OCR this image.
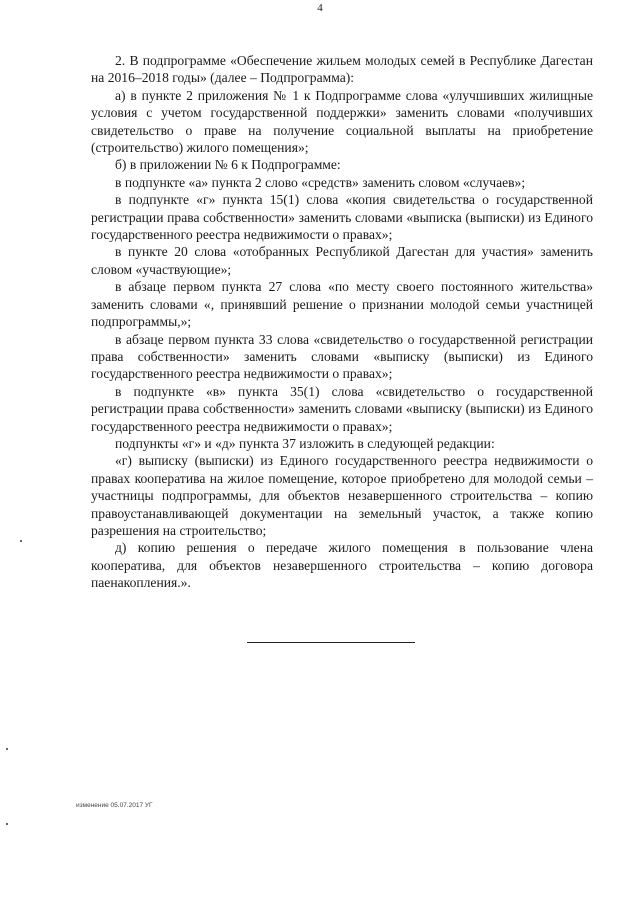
4

2. В подпрограмме «Обеспечение жильем молодых семей в Республике Дагестан на 2016–2018 годы» (далее – Подпрограмма):

а) в пункте 2 приложения № 1 к Подпрограмме слова «улучшивших жилищные условия с учетом государственной поддержки» заменить словами «получивших свидетельство о праве на получение социальной выплаты на приобретение (строительство) жилого помещения»;

б) в приложении № 6 к Подпрограмме:

в подпункте «а» пункта 2 слово «средств» заменить словом «случаев»;

в подпункте «г» пункта 15(1) слова «копия свидетельства о государственной регистрации права собственности» заменить словами «выписка (выписки) из Единого государственного реестра недвижимости о правах»;

в пункте 20 слова «отобранных Республикой Дагестан для участия» заменить словом «участвующие»;

в абзаце первом пункта 27 слова «по месту своего постоянного жительства» заменить словами «, принявший решение о признании молодой семьи участницей подпрограммы,»;

в абзаце первом пункта 33 слова «свидетельство о государственной регистрации права собственности» заменить словами «выписку (выписки) из Единого государственного реестра недвижимости о правах»;

в подпункте «в» пункта 35(1) слова «свидетельство о государственной регистрации права собственности» заменить словами «выписку (выписки) из Единого государственного реестра недвижимости о правах»;

подпункты «г» и «д» пункта 37 изложить в следующей редакции:

«г) выписку (выписки) из Единого государственного реестра недвижимости о правах кооператива на жилое помещение, которое приобретено для молодой семьи – участницы подпрограммы, для объектов незавершенного строительства – копию правоустанавливающей документации на земельный участок, а также копию разрешения на строительство;

д) копию решения о передаче жилого помещения в пользование члена кооператива, для объектов незавершенного строительства – копию договора паенакопления.».

изменение 05.07.2017 УГ
